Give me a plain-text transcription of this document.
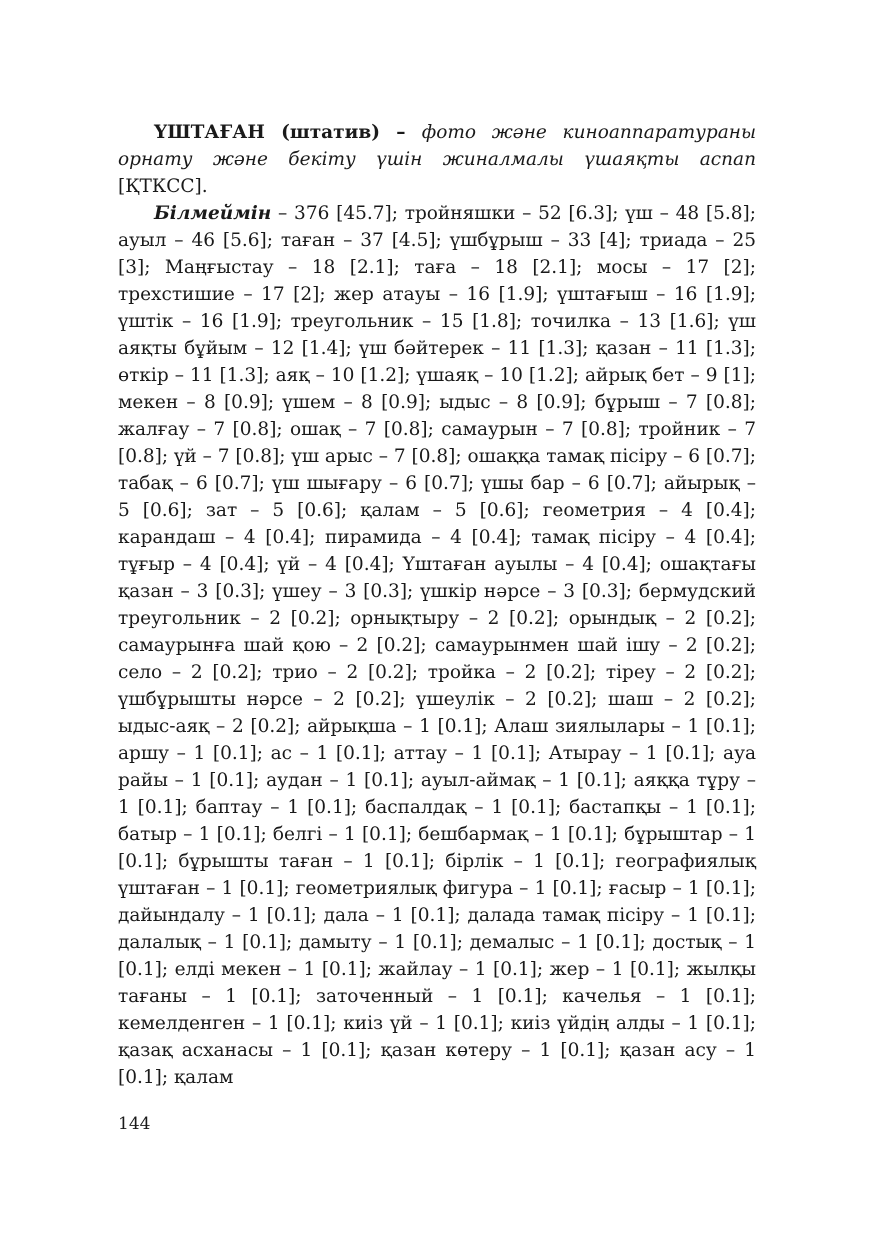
ҮШТАҒАН (штатив) – фото және киноаппаратураны орнату және бекіту үшін жиналмалы үшаяқты аспап [ҚТКСС].

Білмеймін – 376 [45.7]; тройняшки – 52 [6.3]; үш – 48 [5.8]; ауыл – 46 [5.6]; таған – 37 [4.5]; үшбұрыш – 33 [4]; триада – 25 [3]; Маңғыстау – 18 [2.1]; таға – 18 [2.1]; мосы – 17 [2]; трехстишие – 17 [2]; жер атауы – 16 [1.9]; үштағыш – 16 [1.9]; үштік – 16 [1.9]; треугольник – 15 [1.8]; точилка – 13 [1.6]; үш аяқты бұйым – 12 [1.4]; үш бәйтерек – 11 [1.3]; қазан – 11 [1.3]; өткір – 11 [1.3]; аяқ – 10 [1.2]; үшаяқ – 10 [1.2]; айрық бет – 9 [1]; мекен – 8 [0.9]; үшем – 8 [0.9]; ыдыс – 8 [0.9]; бұрыш – 7 [0.8]; жалғау – 7 [0.8]; ошақ – 7 [0.8]; самаурын – 7 [0.8]; тройник – 7 [0.8]; үй – 7 [0.8]; үш арыс – 7 [0.8]; ошаққа тамақ пісіру – 6 [0.7]; табақ – 6 [0.7]; үш шығару – 6 [0.7]; үшы бар – 6 [0.7]; айырық – 5 [0.6]; зат – 5 [0.6]; қалам – 5 [0.6]; геометрия – 4 [0.4]; карандаш – 4 [0.4]; пирамида – 4 [0.4]; тамақ пісіру – 4 [0.4]; тұғыр – 4 [0.4]; үй – 4 [0.4]; Үштаған ауылы – 4 [0.4]; ошақтағы қазан – 3 [0.3]; үшеу – 3 [0.3]; үшкір нәрсе – 3 [0.3]; бермудский треугольник – 2 [0.2]; орнықтыру – 2 [0.2]; орындық – 2 [0.2]; самаурынға шай қою – 2 [0.2]; самаурынмен шай ішу – 2 [0.2]; село – 2 [0.2]; трио – 2 [0.2]; тройка – 2 [0.2]; тіреу – 2 [0.2]; үшбұрышты нәрсе – 2 [0.2]; үшеулік – 2 [0.2]; шаш – 2 [0.2]; ыдыс-аяқ – 2 [0.2]; айрықша – 1 [0.1]; Алаш зиялылары – 1 [0.1]; аршу – 1 [0.1]; ас – 1 [0.1]; аттау – 1 [0.1]; Атырау – 1 [0.1]; ауа райы – 1 [0.1]; аудан – 1 [0.1]; ауыл-аймақ – 1 [0.1]; аяққа тұру – 1 [0.1]; баптау – 1 [0.1]; баспалдақ – 1 [0.1]; бастапқы – 1 [0.1]; батыр – 1 [0.1]; белгі – 1 [0.1]; бешбармақ – 1 [0.1]; бұрыштар – 1 [0.1]; бұрышты таған – 1 [0.1]; бірлік – 1 [0.1]; географиялық үштаған – 1 [0.1]; геометриялық фигура – 1 [0.1]; ғасыр – 1 [0.1]; дайындалу – 1 [0.1]; дала – 1 [0.1]; далада тамақ пісіру – 1 [0.1]; далалық – 1 [0.1]; дамыту – 1 [0.1]; демалыс – 1 [0.1]; достық – 1 [0.1]; елді мекен – 1 [0.1]; жайлау – 1 [0.1]; жер – 1 [0.1]; жылқы тағаны – 1 [0.1]; заточенный – 1 [0.1]; качелья – 1 [0.1]; кемелденген – 1 [0.1]; киіз үй – 1 [0.1]; киіз үйдің алды – 1 [0.1]; қазақ асханасы – 1 [0.1]; қазан көтеру – 1 [0.1]; қазан асу – 1 [0.1]; қалам

144
